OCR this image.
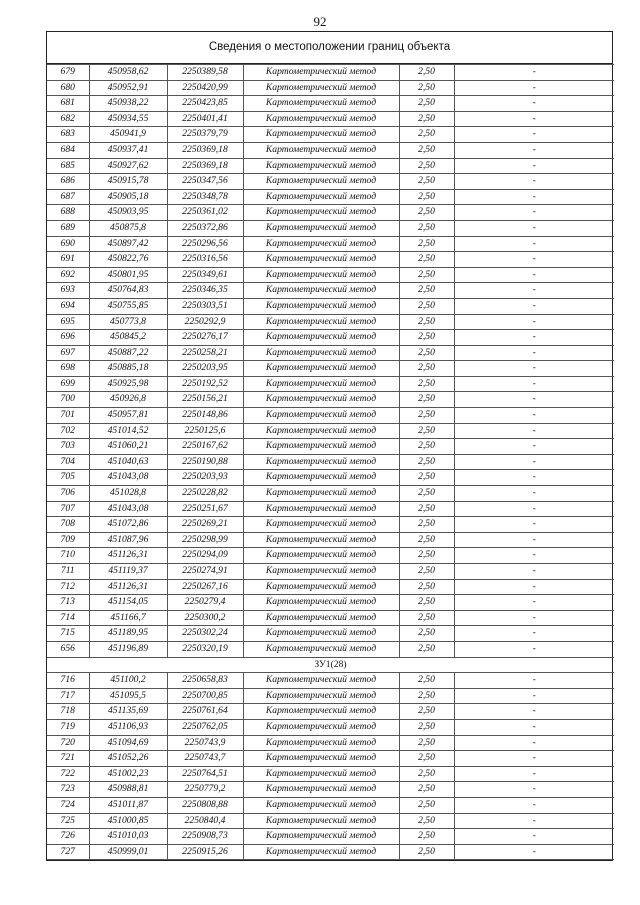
92
Сведения о местоположении границ объекта
679	450958,62	2250389,58	Картометрический метод	2,50	-
680	450952,91	2250420,99	Картометрический метод	2,50	-
681	450938,22	2250423,85	Картометрический метод	2,50	-
682	450934,55	2250401,41	Картометрический метод	2,50	-
683	450941,9	2250379,79	Картометрический метод	2,50	-
684	450937,41	2250369,18	Картометрический метод	2,50	-
685	450927,62	2250369,18	Картометрический метод	2,50	-
686	450915,78	2250347,56	Картометрический метод	2,50	-
687	450905,18	2250348,78	Картометрический метод	2,50	-
688	450903,95	2250361,02	Картометрический метод	2,50	-
689	450875,8	2250372,86	Картометрический метод	2,50	-
690	450897,42	2250296,56	Картометрический метод	2,50	-
691	450822,76	2250316,56	Картометрический метод	2,50	-
692	450801,95	2250349,61	Картометрический метод	2,50	-
693	450764,83	2250346,35	Картометрический метод	2,50	-
694	450755,85	2250303,51	Картометрический метод	2,50	-
695	450773,8	2250292,9	Картометрический метод	2,50	-
696	450845,2	2250276,17	Картометрический метод	2,50	-
697	450887,22	2250258,21	Картометрический метод	2,50	-
698	450885,18	2250203,95	Картометрический метод	2,50	-
699	450925,98	2250192,52	Картометрический метод	2,50	-
700	450926,8	2250156,21	Картометрический метод	2,50	-
701	450957,81	2250148,86	Картометрический метод	2,50	-
702	451014,52	2250125,6	Картометрический метод	2,50	-
703	451060,21	2250167,62	Картометрический метод	2,50	-
704	451040,63	2250190,88	Картометрический метод	2,50	-
705	451043,08	2250203,93	Картометрический метод	2,50	-
706	451028,8	2250228,82	Картометрический метод	2,50	-
707	451043,08	2250251,67	Картометрический метод	2,50	-
708	451072,86	2250269,21	Картометрический метод	2,50	-
709	451087,96	2250298,99	Картометрический метод	2,50	-
710	451126,31	2250294,09	Картометрический метод	2,50	-
711	451119,37	2250274,91	Картометрический метод	2,50	-
712	451126,31	2250267,16	Картометрический метод	2,50	-
713	451154,05	2250279,4	Картометрический метод	2,50	-
714	451166,7	2250300,2	Картометрический метод	2,50	-
715	451189,95	2250302,24	Картометрический метод	2,50	-
656	451196,89	2250320,19	Картометрический метод	2,50	-
ЗУ1(28)					
716	451100,2	2250658,83	Картометрический метод	2,50	-
717	451095,5	2250700,85	Картометрический метод	2,50	-
718	451135,69	2250761,64	Картометрический метод	2,50	-
719	451106,93	2250762,05	Картометрический метод	2,50	-
720	451094,69	2250743,9	Картометрический метод	2,50	-
721	451052,26	2250743,7	Картометрический метод	2,50	-
722	451002,23	2250764,51	Картометрический метод	2,50	-
723	450988,81	2250779,2	Картометрический метод	2,50	-
724	451011,87	2250808,88	Картометрический метод	2,50	-
725	451000,85	2250840,4	Картометрический метод	2,50	-
726	451010,03	2250908,73	Картометрический метод	2,50	-
727	450999,01	2250915,26	Картометрический метод	2,50	-
